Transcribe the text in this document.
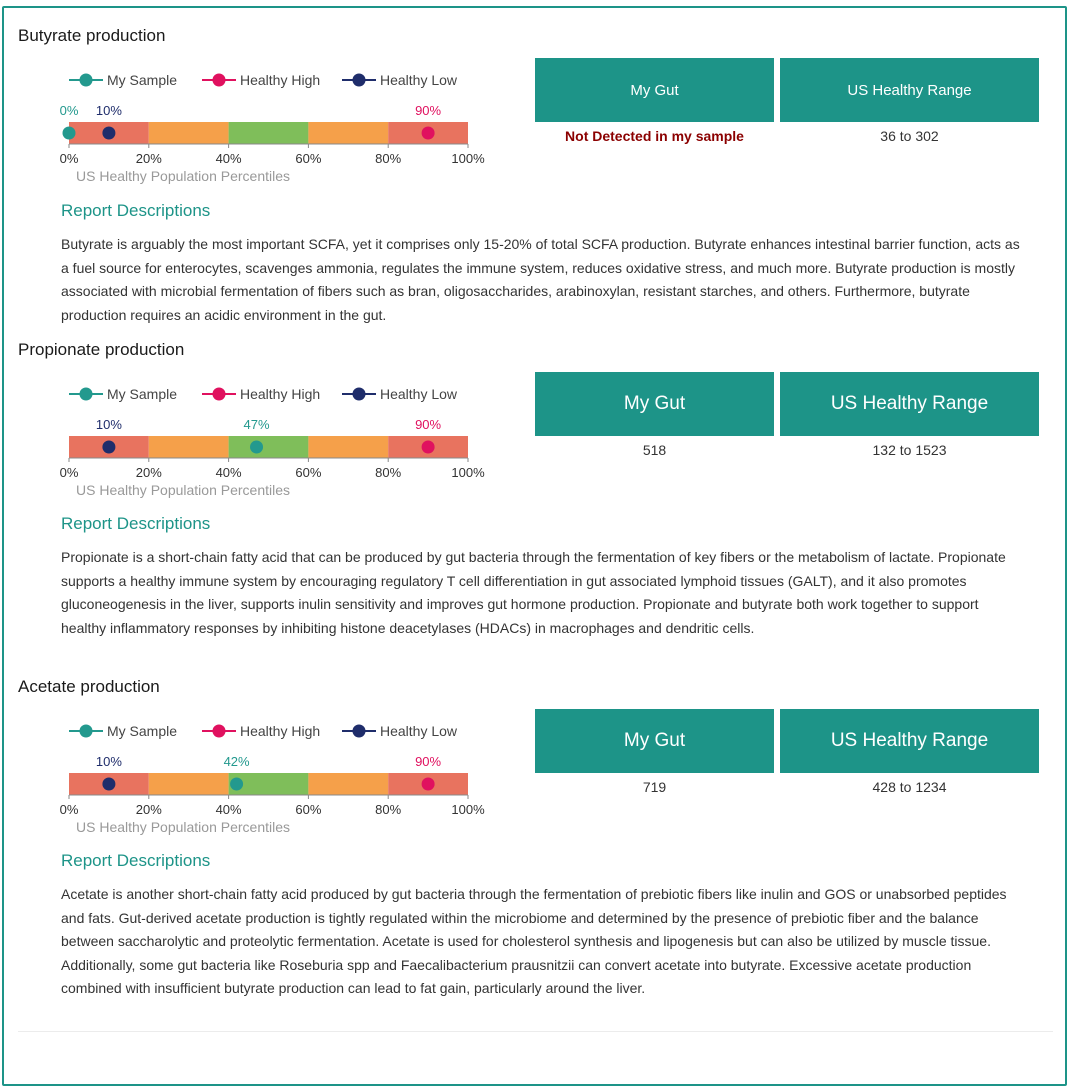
Butyrate production
My Sample	Healthy High	Healthy Low
0%	20%	40%	60%	80%	100%
US Healthy Population Percentiles
0%	90%
10%
My Gut	US Healthy Range
Not Detected in my sample	36 to 302
Report Descriptions
Butyrate is arguably the most important SCFA, yet it comprises only 15-20% of total SCFA production. Butyrate enhances intestinal barrier function, acts as a fuel source for enterocytes, scavenges ammonia, regulates the immune system, reduces oxidative stress, and much more. Butyrate production is mostly associated with microbial fermentation of fibers such as bran, oligosaccharides, arabinoxylan, resistant starches, and others. Furthermore, butyrate production requires an acidic environment in the gut.
Propionate production
My Sample	Healthy High	Healthy Low
0%	20%	40%	60%	80%	100%
US Healthy Population Percentiles
47%	90%
10%
My Gut	US Healthy Range
518	132 to 1523
Report Descriptions
Propionate is a short-chain fatty acid that can be produced by gut bacteria through the fermentation of key fibers or the metabolism of lactate. Propionate supports a healthy immune system by encouraging regulatory T cell differentiation in gut associated lymphoid tissues (GALT), and it also promotes gluconeogenesis in the liver, supports inulin sensitivity and improves gut hormone production. Propionate and butyrate both work together to support healthy inflammatory responses by inhibiting histone deacetylases (HDACs) in macrophages and dendritic cells.
Acetate production
My Sample	Healthy High	Healthy Low
0%	20%	40%	60%	80%	100%
US Healthy Population Percentiles
42%	90%
10%
My Gut	US Healthy Range
719	428 to 1234
Report Descriptions
Acetate is another short-chain fatty acid produced by gut bacteria through the fermentation of prebiotic fibers like inulin and GOS or unabsorbed peptides and fats. Gut-derived acetate production is tightly regulated within the microbiome and determined by the presence of prebiotic fiber and the balance between saccharolytic and proteolytic fermentation. Acetate is used for cholesterol synthesis and lipogenesis but can also be utilized by muscle tissue. Additionally, some gut bacteria like Roseburia spp and Faecalibacterium prausnitzii can convert acetate into butyrate. Excessive acetate production combined with insufficient butyrate production can lead to fat gain, particularly around the liver.
